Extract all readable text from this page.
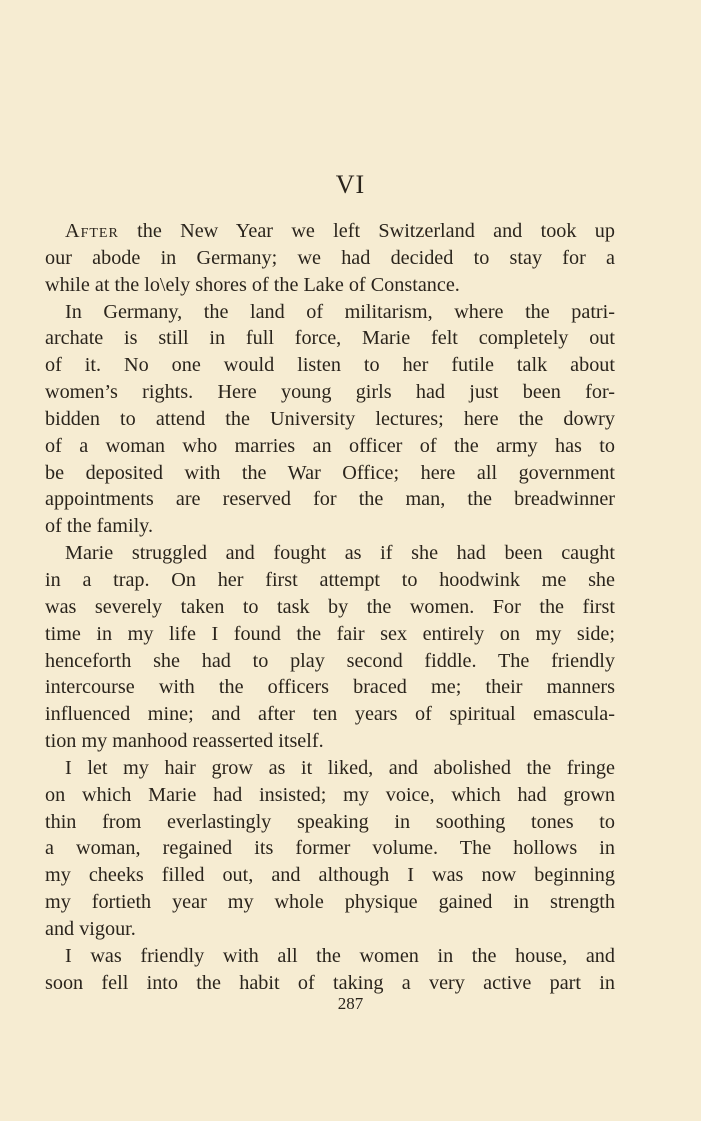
VI
After the New Year we left Switzerland and took up
our abode in Germany; we had decided to stay for a
while at the lo\ely shores of the Lake of Constance.
In Germany, the land of militarism, where the patri-
archate is still in full force, Marie felt completely out
of it. No one would listen to her futile talk about
women’s rights. Here young girls had just been for-
bidden to attend the University lectures; here the dowry
of a woman who marries an officer of the army has to
be deposited with the War Office; here all government
appointments are reserved for the man, the breadwinner
of the family.
Marie struggled and fought as if she had been caught
in a trap. On her first attempt to hoodwink me she
was severely taken to task by the women. For the first
time in my life I found the fair sex entirely on my side;
henceforth she had to play second fiddle. The friendly
intercourse with the officers braced me; their manners
influenced mine; and after ten years of spiritual emascula-
tion my manhood reasserted itself.
I let my hair grow as it liked, and abolished the fringe
on which Marie had insisted; my voice, which had grown
thin from everlastingly speaking in soothing tones to
a woman, regained its former volume. The hollows in
my cheeks filled out, and although I was now beginning
my fortieth year my whole physique gained in strength
and vigour.
I was friendly with all the women in the house, and
soon fell into the habit of taking a very active part in
287
